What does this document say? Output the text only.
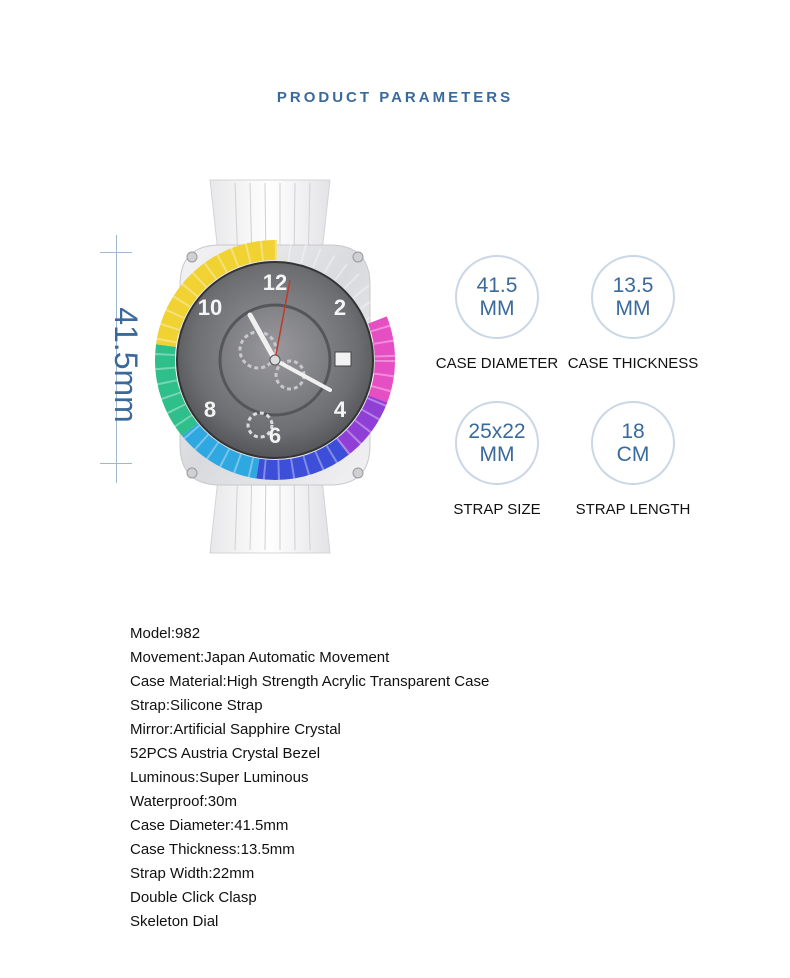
PRODUCT PARAMETERS
41.5mm
12
10	2
8	4
6
41.5
MM
CASE DIAMETER
13.5
MM
CASE THICKNESS
25x22
MM
STRAP SIZE
18
CM
STRAP LENGTH
Model:982
Movement:Japan Automatic Movement
Case Material:High Strength Acrylic Transparent Case
Strap:Silicone Strap
Mirror:Artificial Sapphire Crystal
52PCS Austria Crystal Bezel
Luminous:Super Luminous
Waterproof:30m
Case Diameter:41.5mm
Case Thickness:13.5mm
Strap Width:22mm
Double Click Clasp
Skeleton Dial
